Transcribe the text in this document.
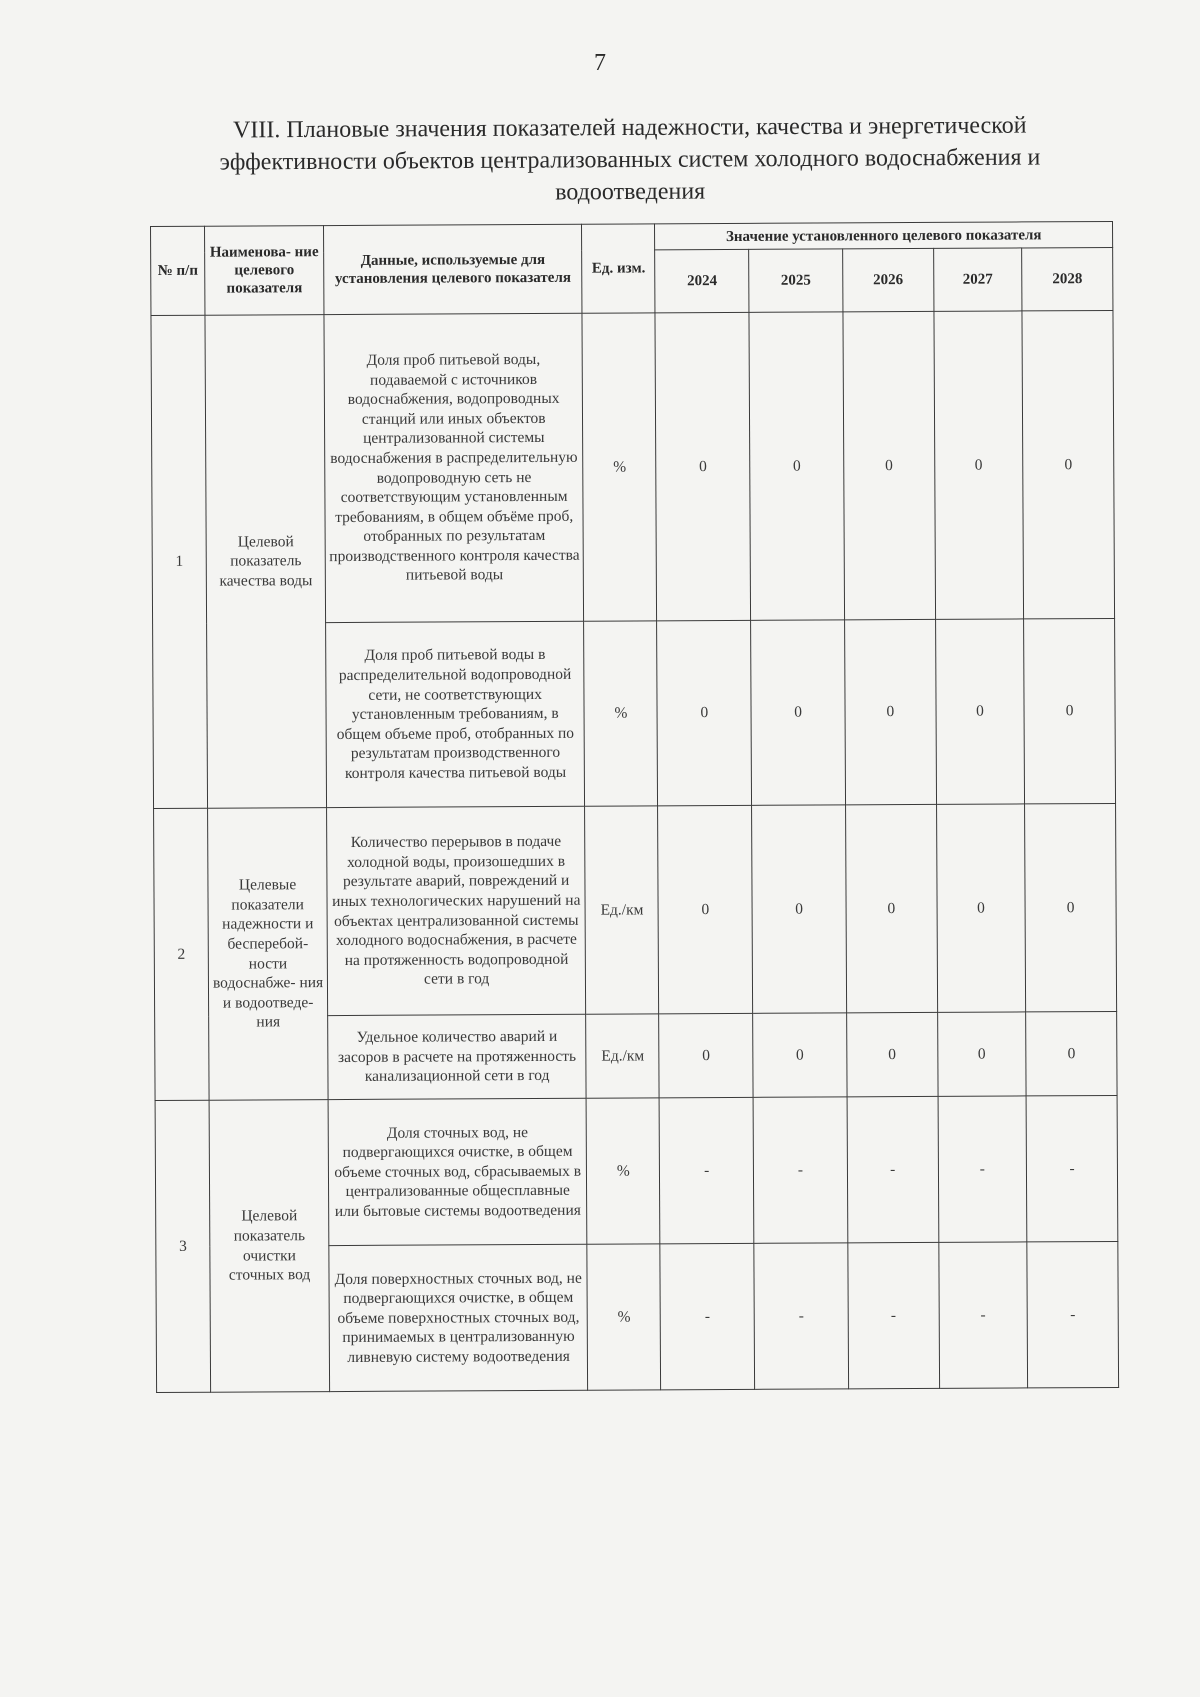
7
VIII. Плановые значения показателей надежности, качества и энергетической
эффективности объектов централизованных систем холодного водоснабжения и
водоотведения
№ п/п	Наименова- ние целевого показателя	Данные, используемые для установления целевого показателя	Ед. изм.	Значение установленного целевого показателя				
				2024	2025	2026	2027	2028
1	Целевой показатель качества воды	Доля проб питьевой воды, подаваемой с источников водоснабжения, водопроводных станций или иных объектов централизованной системы водоснабжения в распределительную водопроводную сеть не соответствующим установленным требованиям, в общем объёме проб, отобранных по результатам производственного контроля качества питьевой воды	%	0	0	0	0	0
		Доля проб питьевой воды в распределительной водопроводной сети, не соответствующих установленным требованиям, в общем объеме проб, отобранных по результатам производственного контроля качества питьевой воды	%	0	0	0	0	0
2	Целевые показатели надежности и бесперебой- ности водоснабже- ния и водоотведе- ния	Количество перерывов в подаче холодной воды, произошедших в результате аварий, повреждений и иных технологических нарушений на объектах централизованной системы холодного водоснабжения, в расчете на протяженность водопроводной сети в год	Ед./км	0	0	0	0	0
		Удельное количество аварий и засоров в расчете на протяженность канализационной сети в год	Ед./км	0	0	0	0	0
3	Целевой показатель очистки сточных вод	Доля сточных вод, не подвергающихся очистке, в общем объеме сточных вод, сбрасываемых в централизованные общесплавные или бытовые системы водоотведения	%	-	-	-	-	-
		Доля поверхностных сточных вод, не подвергающихся очистке, в общем объеме поверхностных сточных вод, принимаемых в централизованную ливневую систему водоотведения	%	-	-	-	-	-
